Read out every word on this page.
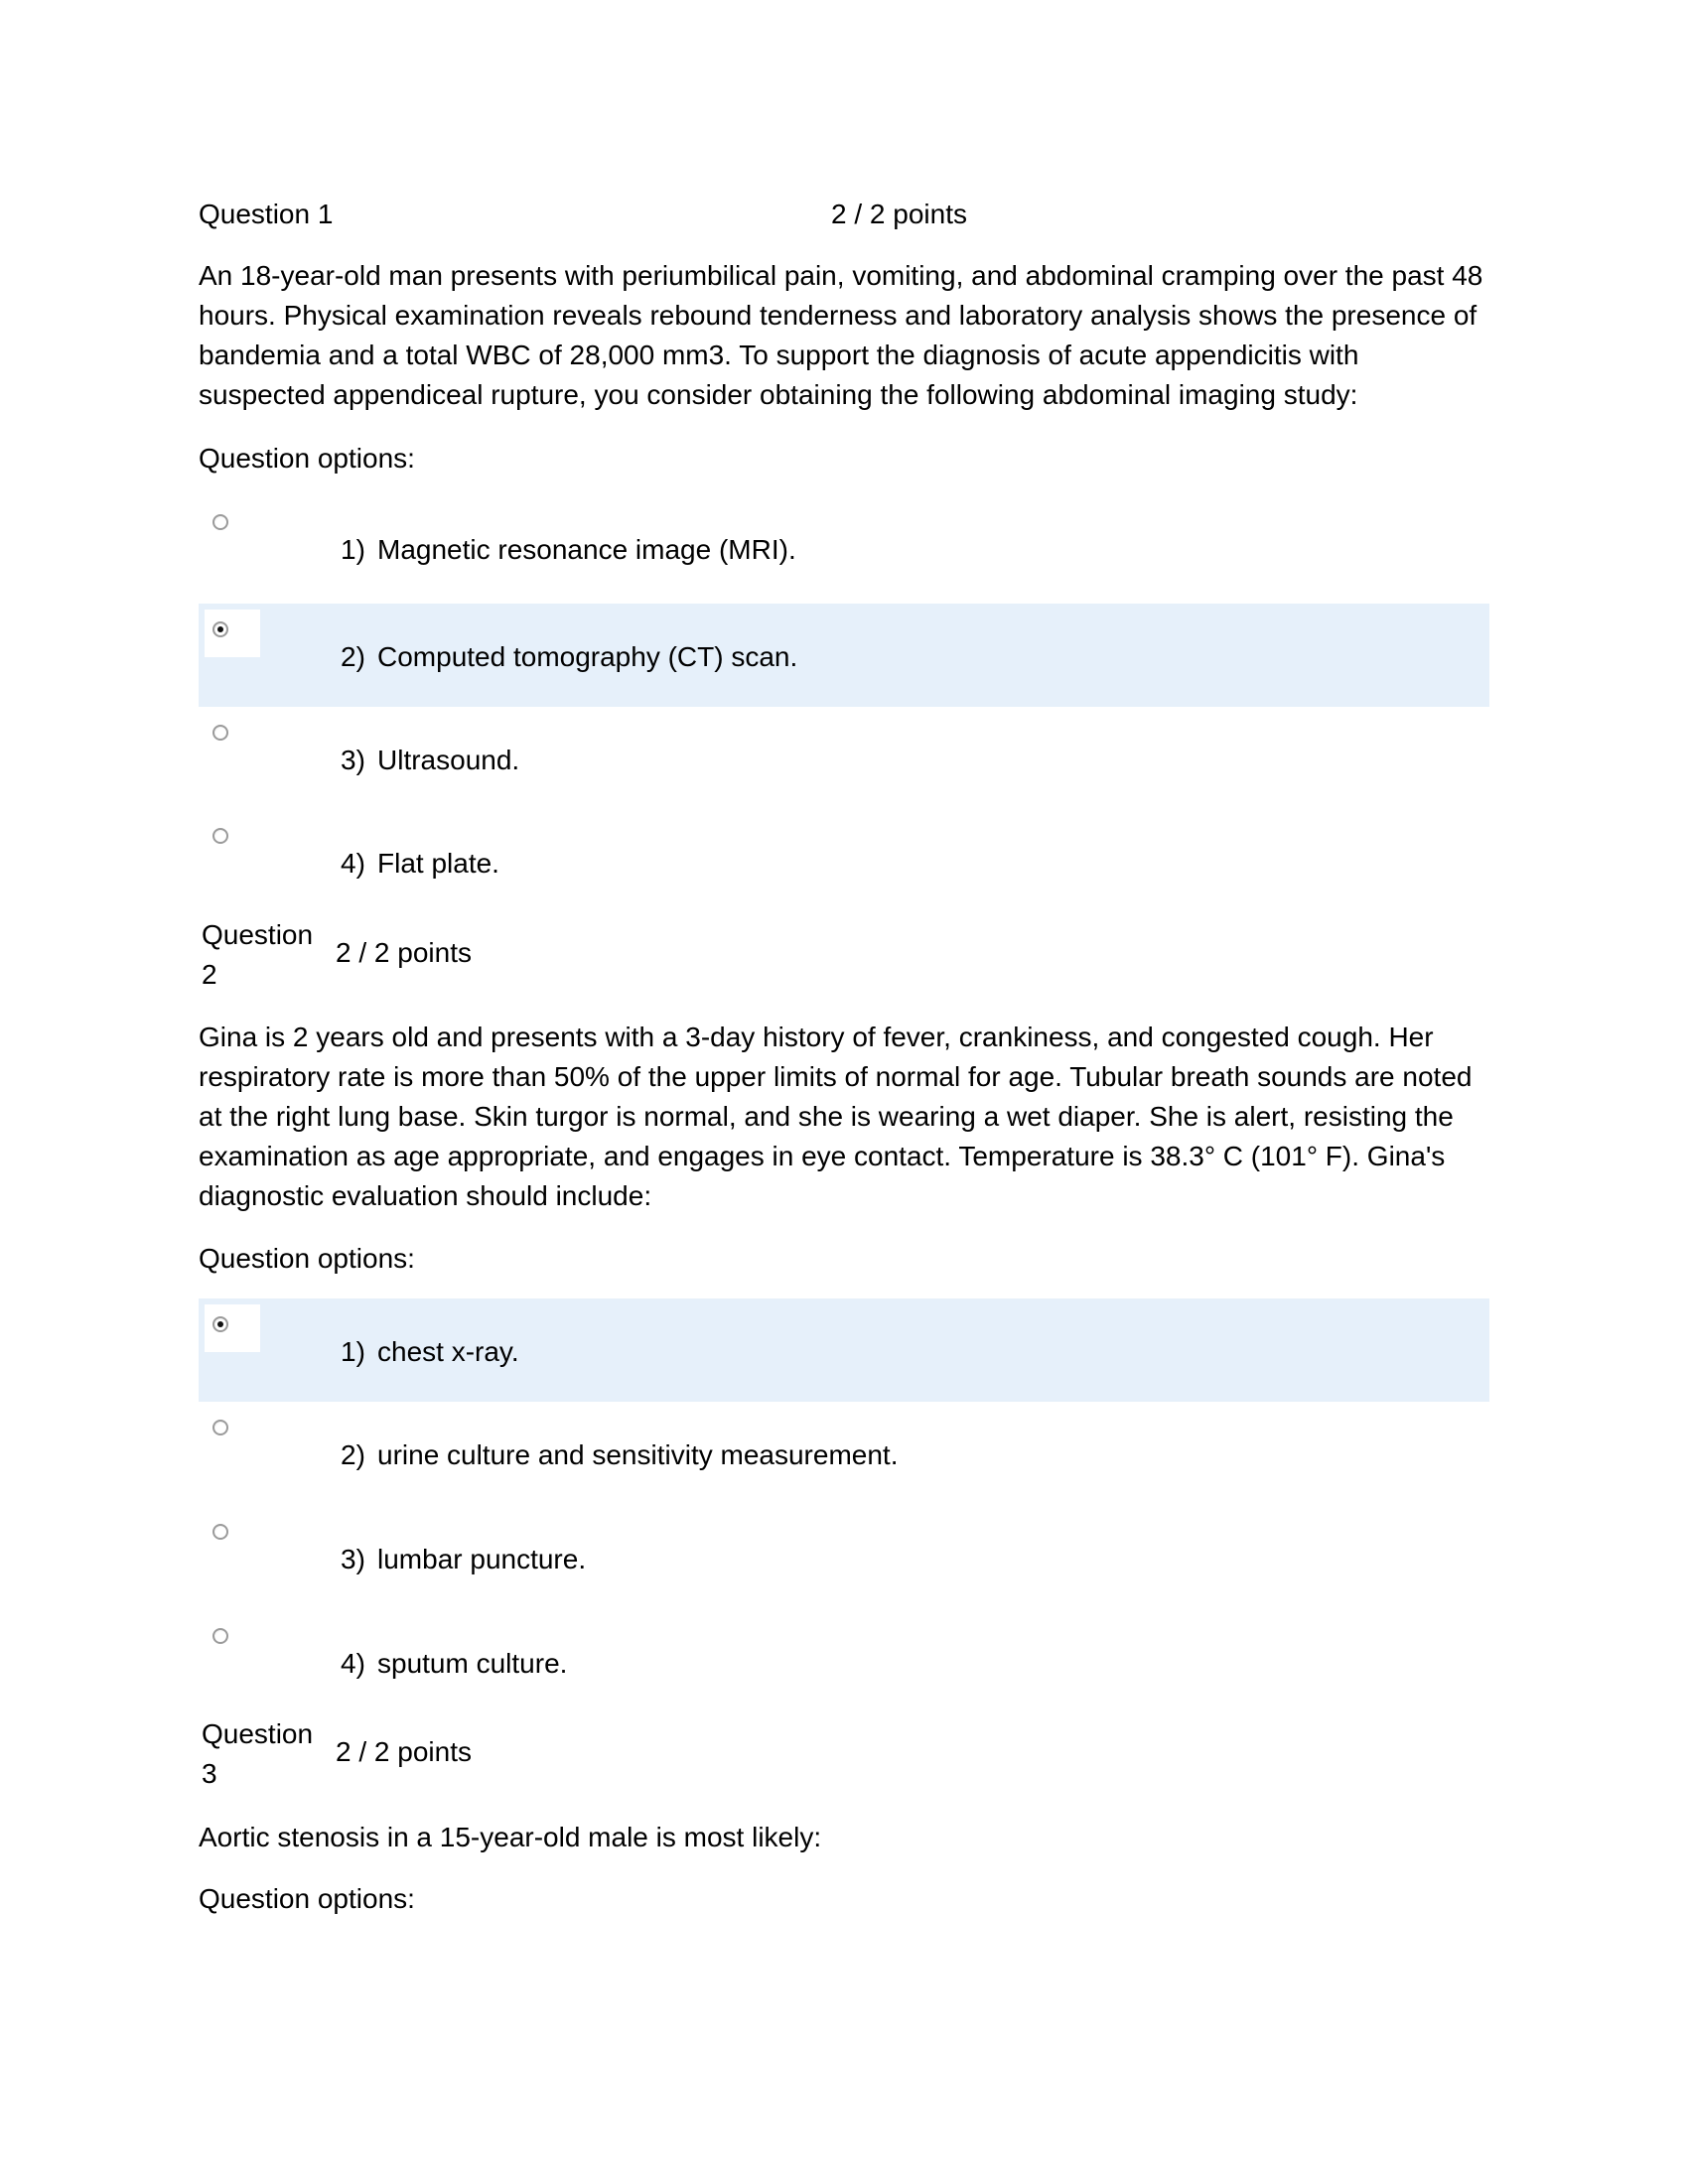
Question 1	2 / 2 points
An 18-year-old man presents with periumbilical pain, vomiting, and abdominal cramping over the past 48 hours. Physical examination reveals rebound tenderness and laboratory analysis shows the presence of bandemia and a total WBC of 28,000 mm3. To support the diagnosis of acute appendicitis with suspected appendiceal rupture, you consider obtaining the following abdominal imaging study:
Question options:
1) Magnetic resonance image (MRI).
2) Computed tomography (CT) scan.
3) Ultrasound.
4) Flat plate.
Question
2
2 / 2 points
Gina is 2 years old and presents with a 3-day history of fever, crankiness, and congested cough. Her respiratory rate is more than 50% of the upper limits of normal for age. Tubular breath sounds are noted at the right lung base. Skin turgor is normal, and she is wearing a wet diaper. She is alert, resisting the examination as age appropriate, and engages in eye contact. Temperature is 38.3° C (101° F). Gina's diagnostic evaluation should include:
Question options:
1) chest x-ray.
2) urine culture and sensitivity measurement.
3) lumbar puncture.
4) sputum culture.
Question
3
2 / 2 points
Aortic stenosis in a 15-year-old male is most likely:
Question options:
